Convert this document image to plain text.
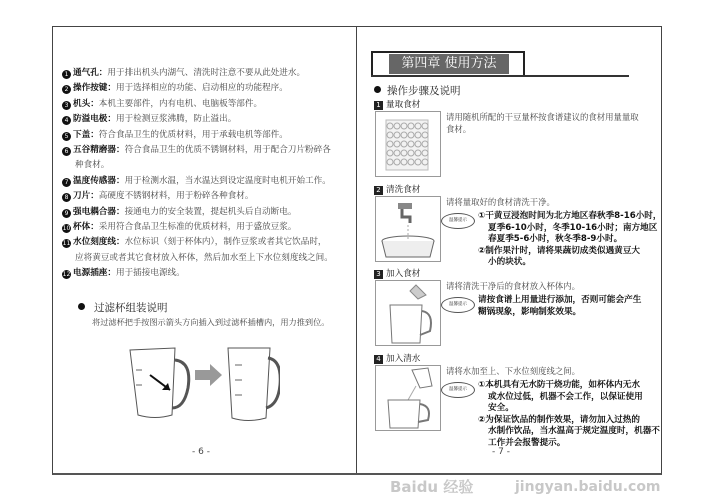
1 通气孔：用于排出机头内湖气、清洗时注意不要从此处进水。
2 操作按键：用于选择相应的功能、启动相应的功能程序。
3 机头：本机主要部件，内有电机、电脑板等部件。
4 防溢电极：用于检测豆浆沸腾，防止溢出。
5 下盖：符合食品卫生的优质材料，用于承载电机等部件。
6 五谷精磨器：符合食品卫生的优质不锈钢材料，用于配合刀片粉碎各
种食材。
7 温度传感器：用于检测水温，当水温达到设定温度时电机开始工作。
8 刀片：高硬度不锈钢材料，用于粉碎各种食材。
9 强电耦合器：接通电力的安全装置，提起机头后自动断电。
10 杯体：采用符合食品卫生标准的优质材料，用于盛放豆浆。
11 水位刻度线：水位标识（刻于杯体内），制作豆浆或者其它饮品时，
应将黄豆或者其它食材放入杯体，然后加水至上下水位刻度线之间。
12 电源插座：用于插接电源线。
过滤杯组装说明
将过滤杯把手按图示箭头方向插入到过滤杯插槽内，用力推到位。
- 6 -
第四章 使用方法
操作步骤及说明
1 量取食材
请用随机所配的干豆量杯按食谱建议的食材用量量取
食材。
2 清洗食材
请将量取好的食材清洗干净。
温馨提示	①干黄豆浸泡时间为北方地区春秋季8-16小时，
夏季6-10小时，冬季10-16小时；南方地区
春夏季5-6小时，秋冬季8-9小时。
②制作果汁时，请将果蔬切成类似遇黄豆大
小的块状。
3 加入食材
请将清洗干净后的食材放入杯体内。
温馨提示	请按食谱上用量进行添加，否则可能会产生
糊锅现象，影响制浆效果。
4 加入清水
请将水加至上、下水位刻度线之间。
温馨提示	①本机具有无水防干烧功能，如杯体内无水
或水位过低，机器不会工作，以保证使用
安全。
②为保证饮品的制作效果，请勿加入过热的
水制作饮品，当水温高于规定温度时，机器不
工作并会报警提示。
- 7 -
Baidu 经验	jingyan.baidu.com
